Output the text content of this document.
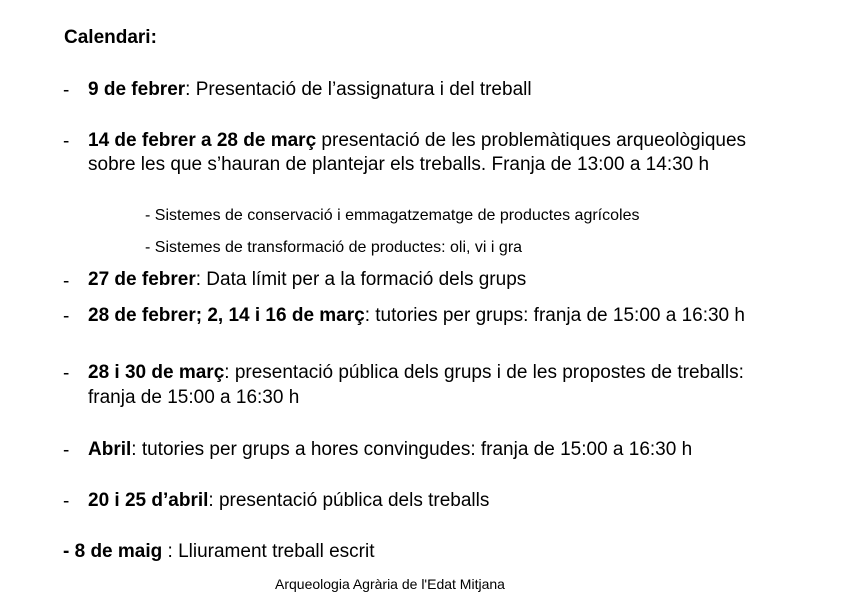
Calendari:
- 9 de febrer: Presentació de l’assignatura i del treball
- 14 de febrer a 28 de març presentació de les problemàtiques arqueològiques
sobre les que s’hauran de plantejar els treballs. Franja de 13:00 a 14:30 h
- Sistemes de conservació i emmagatzematge de productes agrícoles
- Sistemes de transformació de productes: oli, vi i gra
- 27 de febrer: Data límit per a la formació dels grups
- 28 de febrer; 2, 14 i 16 de març: tutories per grups: franja de 15:00 a 16:30 h
- 28 i 30 de març: presentació pública dels grups i de les propostes de treballs:
franja de 15:00 a 16:30 h
- Abril: tutories per grups a hores convingudes: franja de 15:00 a 16:30 h
- 20 i 25 d’abril: presentació pública dels treballs
- 8 de maig : Lliurament treball escrit
Arqueologia Agrària de l'Edat Mitjana
